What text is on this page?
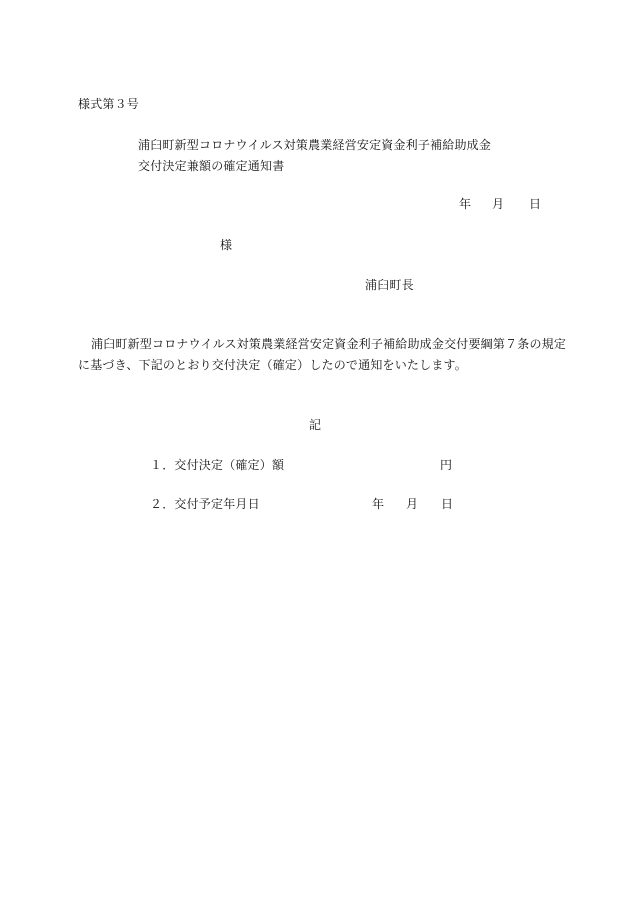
様式第３号
浦臼町新型コロナウイルス対策農業経営安定資金利子補給助成金
交付決定兼額の確定通知書
年 月 日
様
浦臼町長
浦臼町新型コロナウイルス対策農業経営安定資金利子補給助成金交付要綱第７条の規定
に基づき、下記のとおり交付決定（確定）したので通知をいたします。
記
１．交付決定（確定）額	円
２．交付予定年月日	年 月 日
